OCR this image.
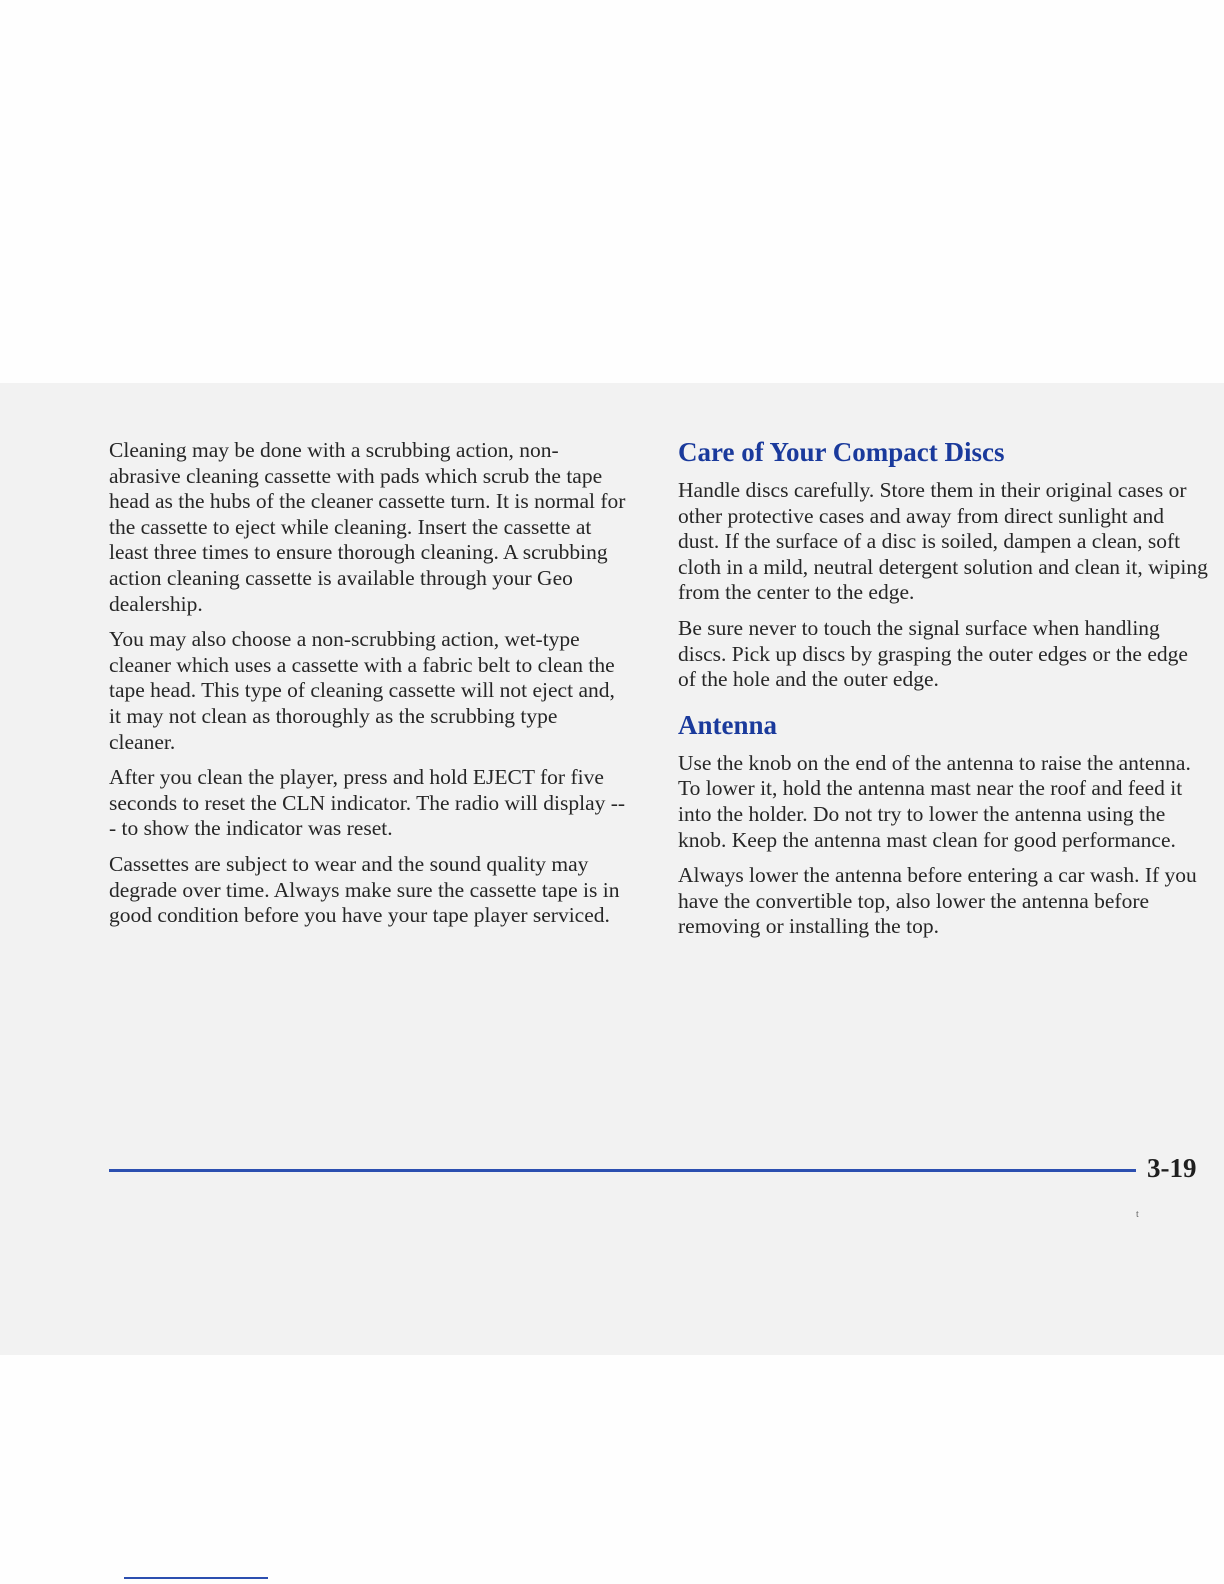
Cleaning may be done with a scrubbing action, non-abrasive cleaning cassette with pads which scrub the tape head as the hubs of the cleaner cassette turn. It is normal for the cassette to eject while cleaning. Insert the cassette at least three times to ensure thorough cleaning. A scrubbing action cleaning cassette is available through your Geo dealership.

You may also choose a non-scrubbing action, wet-type cleaner which uses a cassette with a fabric belt to clean the tape head. This type of cleaning cassette will not eject and, it may not clean as thoroughly as the scrubbing type cleaner.

After you clean the player, press and hold EJECT for five seconds to reset the CLN indicator. The radio will display --- to show the indicator was reset.

Cassettes are subject to wear and the sound quality may degrade over time. Always make sure the cassette tape is in good condition before you have your tape player serviced.

Care of Your Compact Discs

Handle discs carefully. Store them in their original cases or other protective cases and away from direct sunlight and dust. If the surface of a disc is soiled, dampen a clean, soft cloth in a mild, neutral detergent solution and clean it, wiping from the center to the edge.

Be sure never to touch the signal surface when handling discs. Pick up discs by grasping the outer edges or the edge of the hole and the outer edge.

Antenna

Use the knob on the end of the antenna to raise the antenna. To lower it, hold the antenna mast near the roof and feed it into the holder. Do not try to lower the antenna using the knob. Keep the antenna mast clean for good performance.

Always lower the antenna before entering a car wash. If you have the convertible top, also lower the antenna before removing or installing the top.

3-19
t
